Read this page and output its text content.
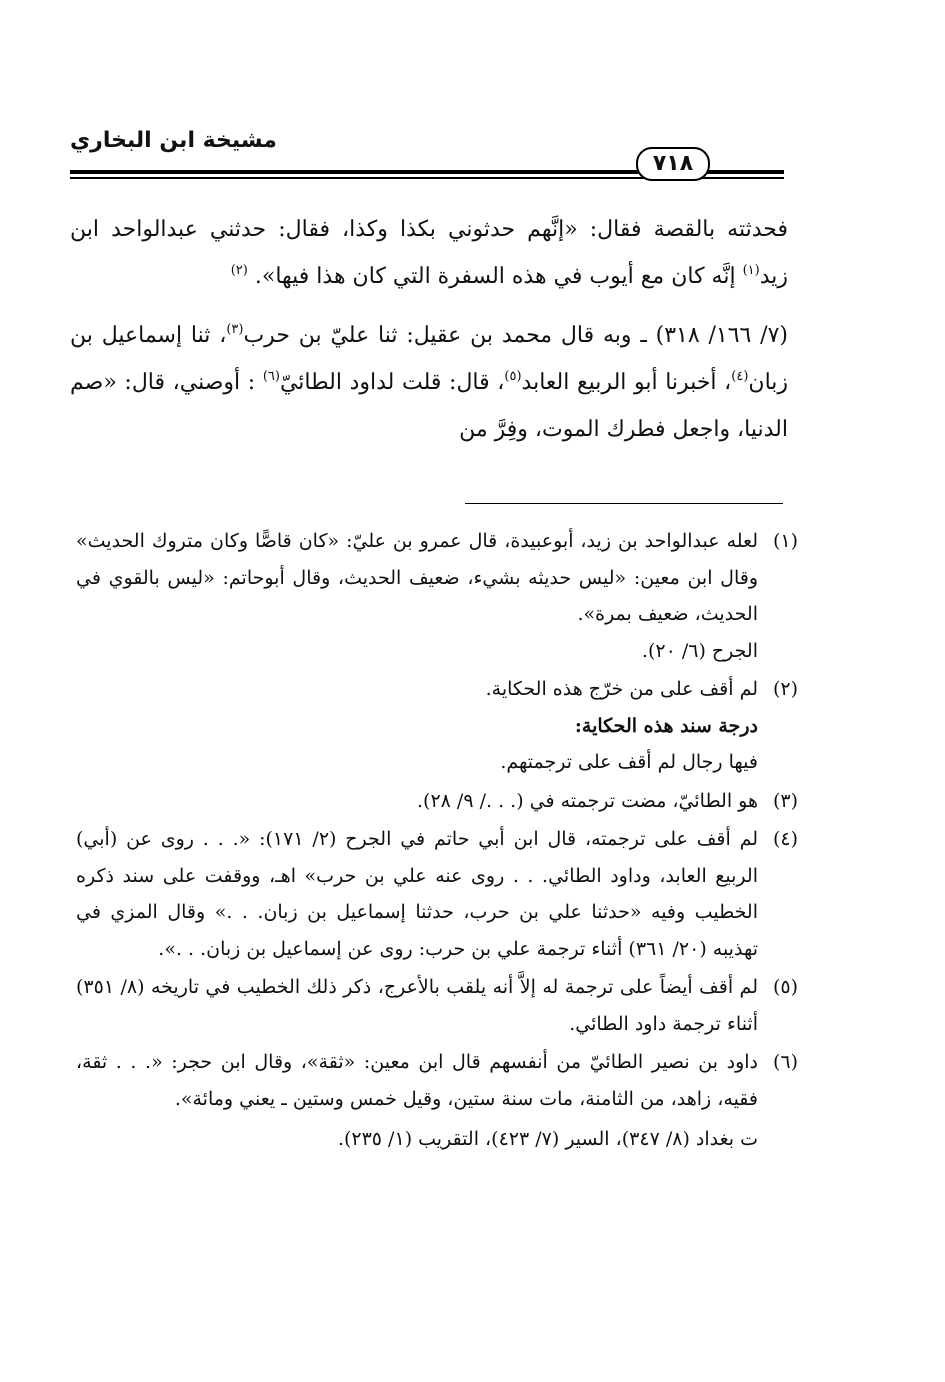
مشيخة ابن البخاري
٧١٨

فحدثته بالقصة فقال: «إنَّهم حدثوني بكذا وكذا، فقال: حدثني عبدالواحد ابن زيد$^{(١)}$ إنَّه كان مع أيوب في هذه السفرة التي كان هذا فيها». $^{(٢)}$

(٧/ ١٦٦/ ٣١٨) ـ وبه قال محمد بن عقيل: ثنا عليّ بن حرب$^{(٣)}$، ثنا إسماعيل بن زبان$^{(٤)}$، أخبرنا أبو الربيع العابد$^{(٥)}$، قال: قلت لداود الطائيّ$^{(٦)}$ : أوصني، قال: «صم الدنيا، واجعل فطرك الموت، وفِرَّ من

(١)
لعله عبدالواحد بن زيد، أبوعبيدة، قال عمرو بن عليّ: «كان قاصًّا وكان متروك الحديث» وقال ابن معين: «ليس حديثه بشيء، ضعيف الحديث، وقال أبوحاتم: «ليس بالقوي في الحديث، ضعيف بمرة».
الجرح (٦/ ٢٠).
(٢)
لم أقف على من خرّج هذه الحكاية.
درجة سند هذه الحكاية:
فيها رجال لم أقف على ترجمتهم.
(٣)
هو الطائيّ، مضت ترجمته في (. . ./ ٩/ ٢٨).
(٤)
لم أقف على ترجمته، قال ابن أبي حاتم في الجرح (٢/ ١٧١): «. . . روى عن (أبي) الربيع العابد، وداود الطائي. . . روى عنه علي بن حرب» اهـ، ووقفت على سند ذكره الخطيب وفيه «حدثنا علي بن حرب، حدثنا إسماعيل بن زبان. . .» وقال المزي في تهذيبه (٢٠/ ٣٦١) أثناء ترجمة علي بن حرب: روى عن إسماعيل بن زبان. . .».
(٥)
لم أقف أيضاً على ترجمة له إلاَّ أنه يلقب بالأعرج، ذكر ذلك الخطيب في تاريخه (٨/ ٣٥١) أثناء ترجمة داود الطائي.
(٦)
داود بن نصير الطائيّ من أنفسهم قال ابن معين: «ثقة»، وقال ابن حجر: «. . . ثقة، فقيه، زاهد، من الثامنة، مات سنة ستين، وقيل خمس وستين ـ يعني ومائة».
ت بغداد (٨/ ٣٤٧)، السير (٧/ ٤٢٣)، التقريب (١/ ٢٣٥).
